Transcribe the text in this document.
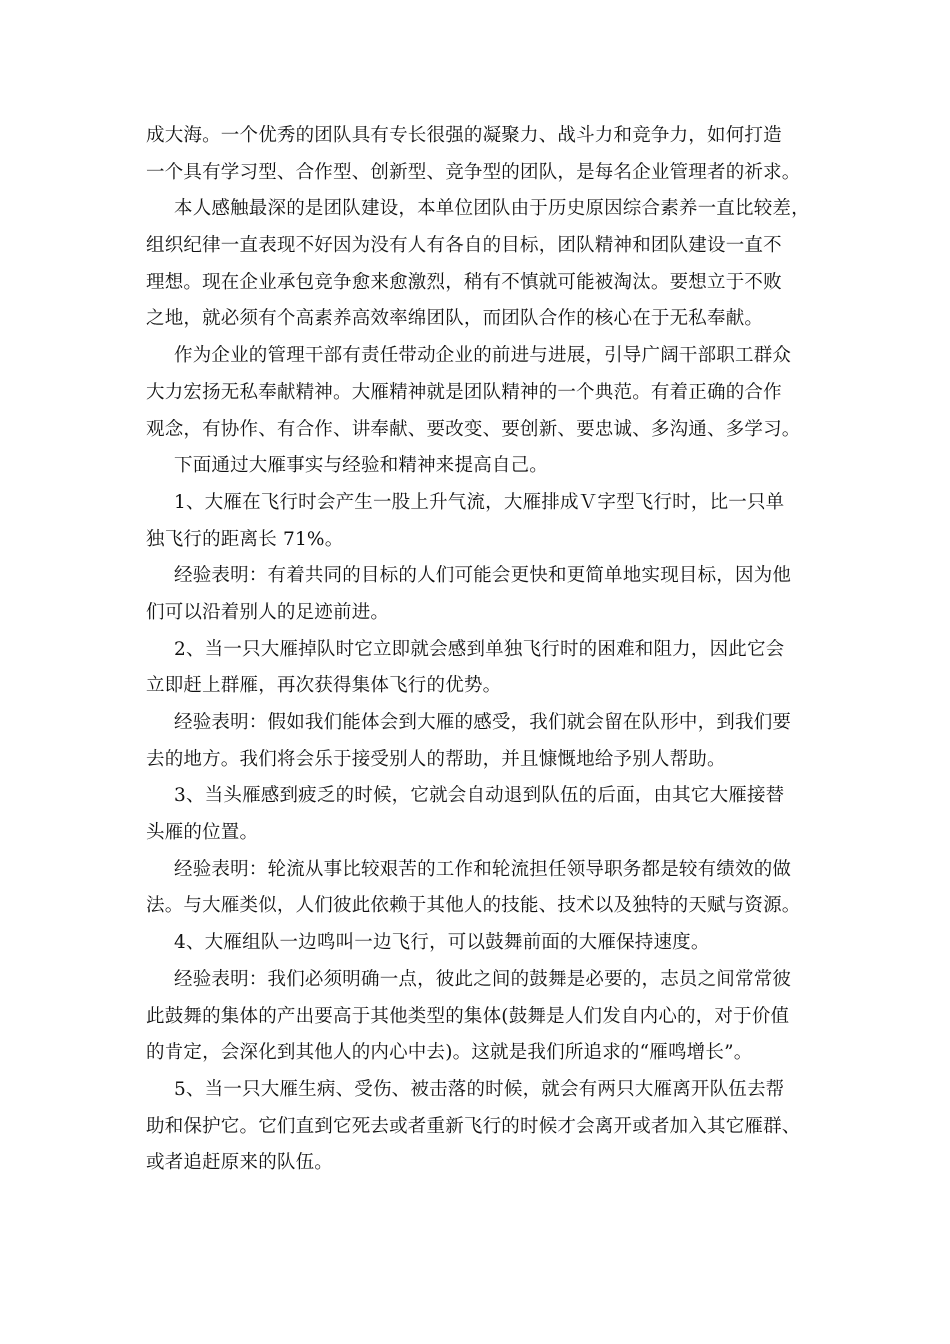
成大海。一个优秀的团队具有专长很强的凝聚力、战斗力和竞争力，如何打造
一个具有学习型、合作型、创新型、竞争型的团队，是每名企业管理者的祈求。
本人感触最深的是团队建设，本单位团队由于历史原因综合素养一直比较差，
组织纪律一直表现不好因为没有人有各自的目标，团队精神和团队建设一直不
理想。现在企业承包竞争愈来愈激烈，稍有不慎就可能被淘汰。要想立于不败
之地，就必须有个高素养高效率绵团队，而团队合作的核心在于无私奉献。
作为企业的管理干部有责任带动企业的前进与进展，引导广阔干部职工群众
大力宏扬无私奉献精神。大雁精神就是团队精神的一个典范。有着正确的合作
观念，有协作、有合作、讲奉献、要改变、要创新、要忠诚、多沟通、多学习。
下面通过大雁事实与经验和精神来提高自己。
1、大雁在飞行时会产生一股上升气流，大雁排成Ｖ字型飞行时，比一只单
独飞行的距离长 71%。
经验表明：有着共同的目标的人们可能会更快和更简单地实现目标，因为他
们可以沿着别人的足迹前进。
2、当一只大雁掉队时它立即就会感到单独飞行时的困难和阻力，因此它会
立即赶上群雁，再次获得集体飞行的优势。
经验表明：假如我们能体会到大雁的感受，我们就会留在队形中，到我们要
去的地方。我们将会乐于接受别人的帮助，并且慷慨地给予别人帮助。
3、当头雁感到疲乏的时候，它就会自动退到队伍的后面，由其它大雁接替
头雁的位置。
经验表明：轮流从事比较艰苦的工作和轮流担任领导职务都是较有绩效的做
法。与大雁类似，人们彼此依赖于其他人的技能、技术以及独特的天赋与资源。
4、大雁组队一边鸣叫一边飞行，可以鼓舞前面的大雁保持速度。
经验表明：我们必须明确一点，彼此之间的鼓舞是必要的，志员之间常常彼
此鼓舞的集体的产出要高于其他类型的集体(鼓舞是人们发自内心的，对于价值
的肯定，会深化到其他人的内心中去)。这就是我们所追求的“雁鸣增长”。
5、当一只大雁生病、受伤、被击落的时候，就会有两只大雁离开队伍去帮
助和保护它。它们直到它死去或者重新飞行的时候才会离开或者加入其它雁群、
或者追赶原来的队伍。
